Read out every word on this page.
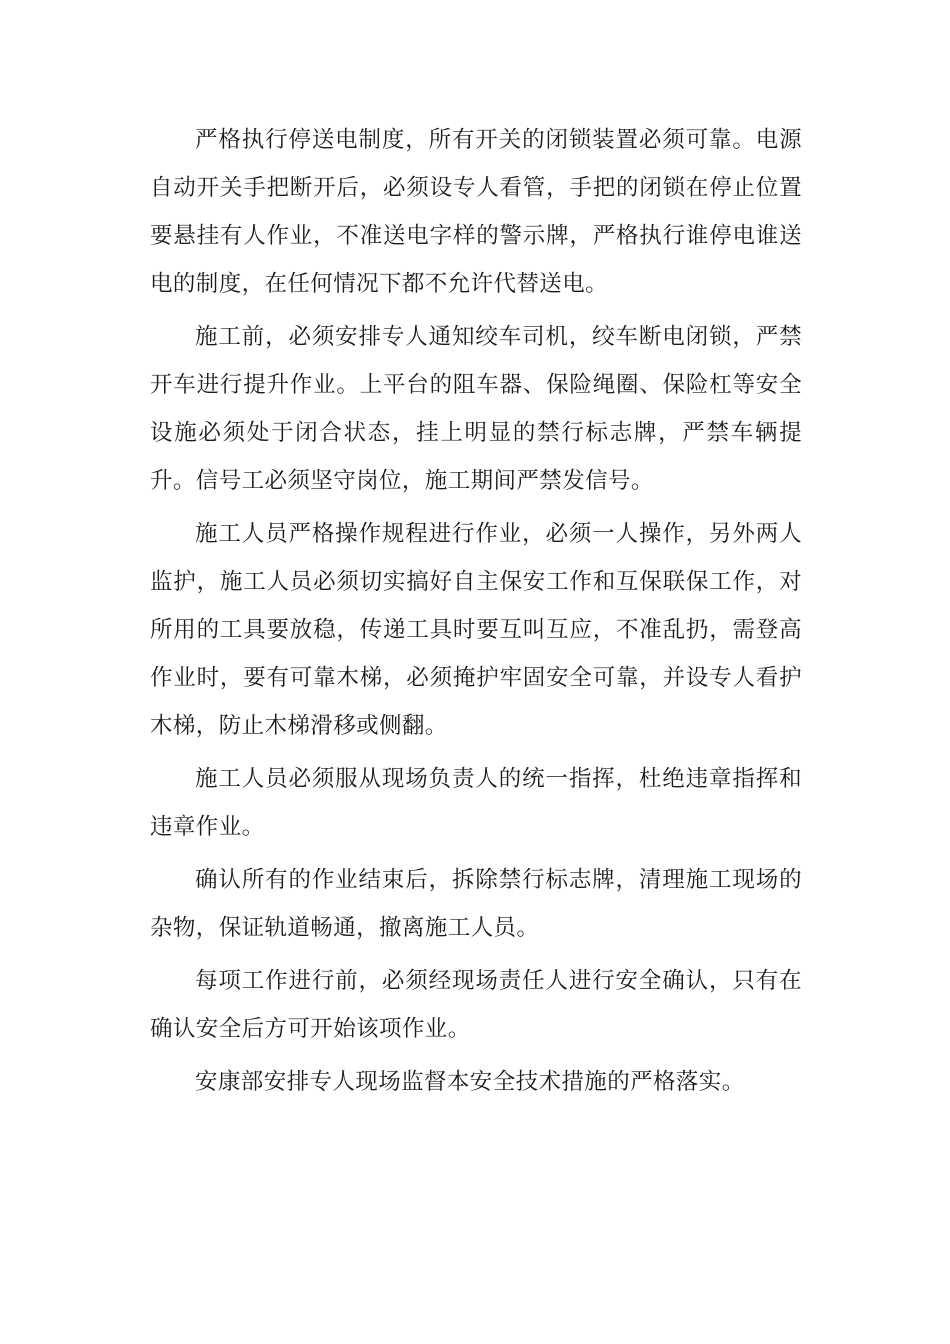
严格执行停送电制度，所有开关的闭锁装置必须可靠。电源自动开关手把断开后，必须设专人看管，手把的闭锁在停止位置要悬挂有人作业，不准送电字样的警示牌，严格执行谁停电谁送电的制度，在任何情况下都不允许代替送电。

施工前，必须安排专人通知绞车司机，绞车断电闭锁，严禁开车进行提升作业。上平台的阻车器、保险绳圈、保险杠等安全设施必须处于闭合状态，挂上明显的禁行标志牌，严禁车辆提升。信号工必须坚守岗位，施工期间严禁发信号。

施工人员严格操作规程进行作业，必须一人操作，另外两人监护，施工人员必须切实搞好自主保安工作和互保联保工作，对所用的工具要放稳，传递工具时要互叫互应，不准乱扔，需登高作业时，要有可靠木梯，必须掩护牢固安全可靠，并设专人看护木梯，防止木梯滑移或侧翻。

施工人员必须服从现场负责人的统一指挥，杜绝违章指挥和违章作业。

确认所有的作业结束后，拆除禁行标志牌，清理施工现场的杂物，保证轨道畅通，撤离施工人员。

每项工作进行前，必须经现场责任人进行安全确认，只有在确认安全后方可开始该项作业。

安康部安排专人现场监督本安全技术措施的严格落实。
